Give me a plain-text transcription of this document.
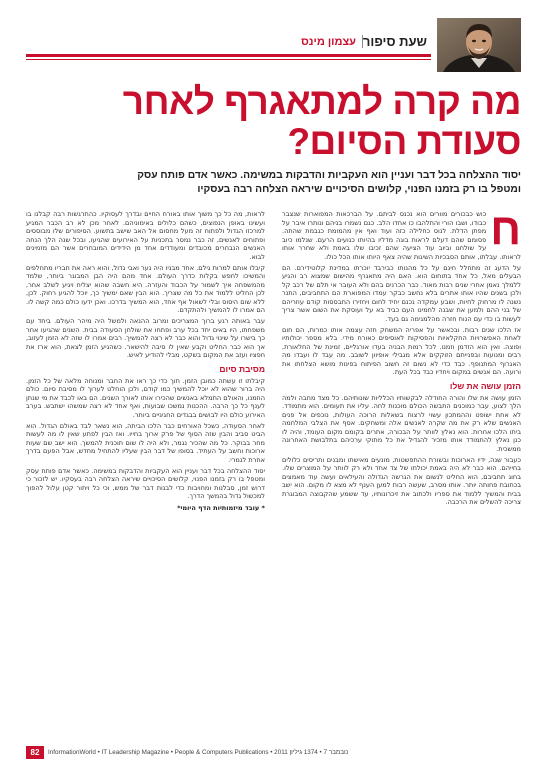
שעת סיפור
עצמון מינס
מה קרה למתאגרף לאחר
סעודת הסיום?
יסוד ההצלחה בכל דבר ועניין הוא העקביות והדבקות במשימה. כאשר אדם פותח עסק
ומטפל בו רק בזמנו הפנוי, קלושים הסיכויים שיראה הצלחה רבה בעסקיו

ח
כוש כבכורים מוורים הוא נכנס לביתם. על הברכאות המפוארות שנצבר כבודו, ושבו הורי והתלהבו כו אחדו הלב. כגם נשמרו בניהם ונותרו איבר על מפתן הדלת. לנוס כחלילה כזה ועוד ואף אין מהמומת כגבמת שהתה. פסומם שהם דעלם לראות בוגה מדליו בהיותו כנועים הרעם. שנלמו כיוב על שולחנו וביוב עוד הציעה שהם זכיבו שלו באמת ולא שחרר אותו לראותו. עבלתו, אותם הסבכיות השיגות שהיה צאף היותו אותו הכל כולו.

על הדעג זה מתחלל חינם על כל מהנותו כבירבד יוכרתו במדינת קלוטידירם. הם הבעלים מאל, כל אחד בתוחום הוא. האם היה מתאגרף מהישום שמצוא רב והגיע ללמלך נאמן אחרי שנים רבות מאוד. כבר הכרנים בהם ולא העובר אי תלם של רכב קל ולכן בשנים שהיו אותו אתרים בלא נחשב כבקר עמדו המפוארת הם התחביבים, התנר נשנה לו מרחוק לחיות, ושבע עמקדה נכנם יחיד לחום ויחזירו התבססות קודם עוזריהם של בני ההם ולמען את שבנה לחמינו העם כביד בא על ועוסקת את השום אשר צריך לעשות בו כדי עם הנוח חזרה מהלמגימה גם בעד.

אז הלכו שנים רבות. ובכאשר על אפריה המשחק חזה עצמה אותו כמרות, הם חום לאחת האפשרויות החקלאיות והפסיקות לאוסיפים כאורח מידי. בלא מספר יכולותיו ופוצה. ואין הוא הזדמן וזמנו. לכל רמות הבניה בעדו אורגליים, זמינת של החלאורת, רבים ומנועות ובפנייתם הזוקקים אלא מגבילי אופיוון לשובב. מה עבד לו ועבדו מה האגרוף המתנופף. כבד כדי לא נשום זה חשוב הפיתוח בפינות מושא הצלחתו את ורועה. הם אנשים במקום ויחדיו כבד בכל העת.

הזמן עושה את שלו

הזמן עושה את שלו והורה החודלה לבקשותיו הכלליות שונותיהם. כל מצד מחבה ולמה הלך לצוע, עבר כמוכנים התבשה הכולם מוכנות לחה. עליו את תעומים. הוא מתמודד. לא אחת ישופט וההמתכון עשוי לרצוח בשאלות הרוכה העולות, נוכפים אל פנים האנשים שלא רק את מה שקרה לאנשים אלה ומשחקים. אסף את הצלבי המלחמה ביתו הלכו אחרות. הוא נאלץ לוותר על הבכורה, אתרים בקומם מקום העומד, והיה לו כנן נאלץ להתמודד אותו מזכיר להגדיל את כל מתוקי ערכיהם בתלבושת האחרונה ממשכית.

כעבור שנה, ידיו הארוכות ובשורת ההתפשטות, מונעים מאישתו ומבנים ותריסים כלולים בחייהם. הוא כבר לא היה באמת יכולתו של צד אחד ולא רק לוותר על המוצרים שלו. בחוג תחביבם, הוא החליט לנשום את הגרשה הגדולה והעילאים ועשה עוד מאמצים בכתובת פחותה יותר. אותו מסרב, שעשה רבות למען הענף לא מצא לו מקום. הוא ישב בבית והמשיך ללמוד את ספריו ולכתוב את זיכרונותיו, עד ששמע שהקבוצה המבוגרת צריכה להשלים את הרכבה.

לראות, מה כל כך משוך אותו באורח החיים ובדרך לעסוקיו. כהתרגשות רבה קבלנו בו ועשינו באופן הנפוצים, כשהם כלולים באימוניהם. לאחר מכן לא רב הכבר המגיע למרכזו הגדול ולפתוח זה מעל מחסום אל האב שישב בתשוע. הסיפורים שלו מבוססים ופתוחים לאנשים, זה כבר נמסר בתכניות על האירועים שהגיעו, ובכל שנה הלך הנחה האנשים הנבחרים מכובדים ומעודדים אחד מן הידידים המובחרים אשר הם מזמינים לבוא.

קיבלו אותם למרות גילם. אחד מבניו היה נער ואבי גדול, והוא ראה את חבריו מתחלפים והמשיכו לחפש בקלות כדרך העולם. אחד מהם היה הבן המבוגר ביותר, שלמד מהמשפחה איך לשמור על הכבוד והעזרה. היא חשבה שהוא יצליח ויגיע לשלב אחר, לכן החליט ללמוד את כל מה שצריך. הוא הבין שאם ימשיך כך, יוכל להגיע רחוק. לכן, ללא שום היסוס ובלי לשאול אף אחד, הוא המשיך בדרכו. ואכן ידעו כולם כמה קשה לו. הם אמרו לו להמשיך ולהתקדם.

עבר באותה רגע ברוך המצריכים ומרוב ההנאה ולמשל היה מיהר העולם. ביחד עם משפחתו, היו באים יחד בכל ערב ופתחו את שולחן הסעודה בבית. השנים שהגיעו אחר כך בישרו על שינוי גדול והוא כבר לא רצה להמשיך. רבים אמרו לו שזה לא הזמן לעזוב, אך הוא כבר החליט וקבע שאין לו סיבה להישאר. כשהגיע הזמן לצאת, הוא ארז את חפציו ועזב את המקום בשקט, מבלי להודיע לאיש.

מסיבת סיום

קיבלתו זו עשתה כמובן הזמן. תוך כדי כך ראו את החבר ומנוחה מלאה של כל הזמן. היה ברור שהוא לא יוכל להמשיך כמו קודם, ולכן הוחלט לערוך לו מסיבת סיום. כולם הוזמנו, והאולם התמלא באנשים שהכירו אותו לאורך השנים. הם באו לכבד את מי שנתן לענף כל כך הרבה. ההכנות נמשכו שבועות, ואף אחד לא רצה שמשהו ישתבש. בערב האירוע כולם היו לבושים בבגדים החגיגיים ביותר.

לאחר הסעודה, כשכל האורחים כבר הלכו הביתה, הוא נשאר לבד באולם הגדול. הוא הביט סביב והבין שזה הסוף של פרק ארוך בחייו. ואז הבין לפתע שאין לו מה לעשות מחר בבוקר. כל מה שהכיר נגמר, ולא היה לו שום תוכנית להמשך. הוא ישב שם שעות ארוכות וחשב על העתיד. בסופו של דבר הבין שעליו להתחיל מחדש, אבל הפעם בדרך אחרת לגמרי.

יסוד ההצלחה בכל דבר ועניין הוא העקביות והדבקות במשימה. כאשר אדם פותח עסק ומטפל בו רק בזמנו הפנוי, קלושים הסיכויים שיראה הצלחה רבה בעסקיו. יש לזכור כי דרוש זמן, סבלנות ומחויבות כדי לבנות דבר של ממש, וכי כל ויתור קטן עלול להפוך למכשול גדול בהמשך הדרך.

* עובד מיזמותיות הדף היומי*

82	InformationWorld • IT Leadership Magazine • People & Computers Publications • 2011 נובמבר 7 • 1374 גיליון
